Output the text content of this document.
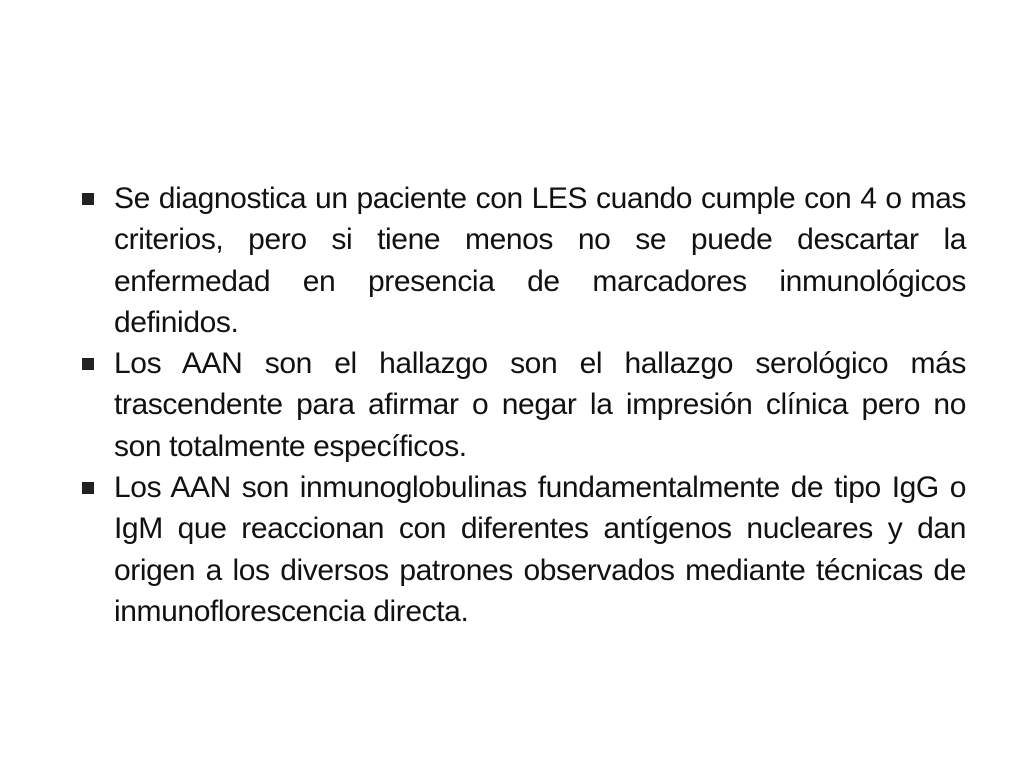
Se diagnostica un paciente con LES cuando cumple con 4 o mas criterios, pero si tiene menos no se puede descartar la enfermedad en presencia de marcadores inmunológicos definidos.
Los AAN son el hallazgo son el hallazgo serológico más trascendente para afirmar o negar la impresión clínica pero no son totalmente específicos.
Los AAN son inmunoglobulinas fundamentalmente de tipo IgG o IgM que reaccionan con diferentes antígenos nucleares y dan origen a los diversos patrones observados mediante técnicas de inmunoflorescencia directa.
